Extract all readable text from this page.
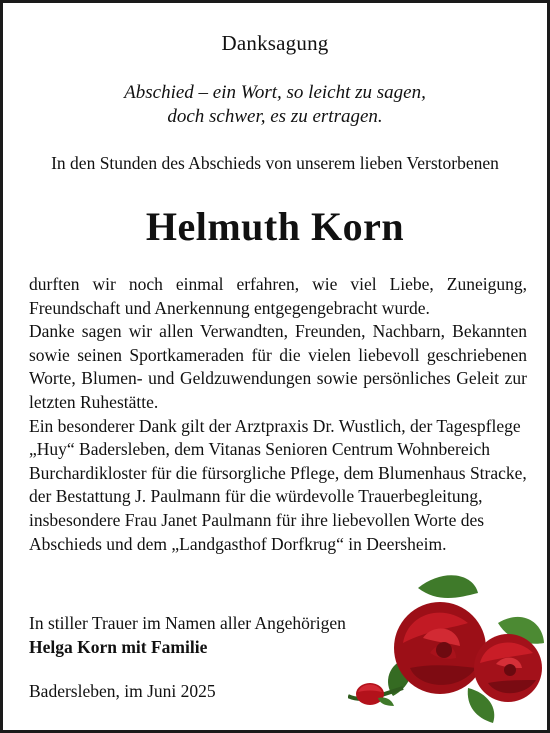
Danksagung
Abschied – ein Wort, so leicht zu sagen,
doch schwer, es zu ertragen.
In den Stunden des Abschieds von unserem lieben Verstorbenen
Helmuth Korn

durften wir noch einmal erfahren, wie viel Liebe, Zuneigung, Freundschaft und Anerkennung entgegengebracht wurde.

Danke sagen wir allen Verwandten, Freunden, Nachbarn, Bekannten sowie seinen Sportkameraden für die vielen liebevoll geschriebenen Worte, Blumen- und Geldzuwendungen sowie persönliches Geleit zur letzten Ruhestätte.

Ein besonderer Dank gilt der Arztpraxis Dr. Wustlich, der Tagespflege „Huy“ Badersleben, dem Vitanas Senioren Centrum Wohnbereich Burchardikloster für die fürsorgliche Pflege, dem Blumenhaus Stracke, der Bestattung J. Paulmann für die würdevolle Trauerbegleitung, insbesondere Frau Janet Paulmann für ihre liebevollen Worte des Abschieds und dem „Landgasthof Dorfkrug“ in Deersheim.

In stiller Trauer im Namen aller Angehörigen
Helga Korn mit Familie
Badersleben, im Juni 2025
